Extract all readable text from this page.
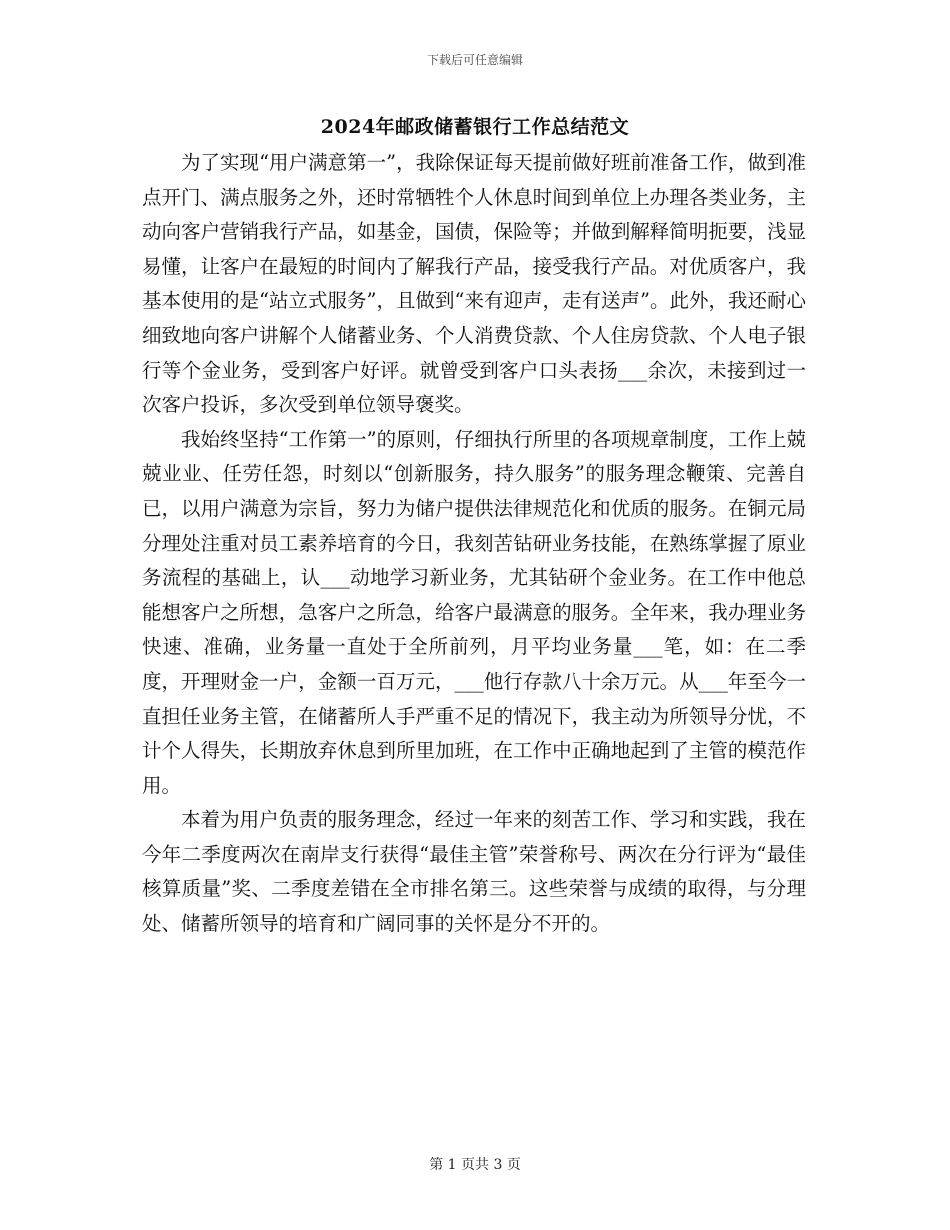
下载后可任意编辑
2024年邮政储蓄银行工作总结范文

为了实现“用户满意第一”，我除保证每天提前做好班前准备工作，做到准点开门、满点服务之外，还时常牺牲个人休息时间到单位上办理各类业务，主动向客户营销我行产品，如基金，国债，保险等；并做到解释简明扼要，浅显易懂，让客户在最短的时间内了解我行产品，接受我行产品。对优质客户，我基本使用的是“站立式服务”，且做到“来有迎声，走有送声”。此外，我还耐心细致地向客户讲解个人储蓄业务、个人消费贷款、个人住房贷款、个人电子银行等个金业务，受到客户好评。就曾受到客户口头表扬___余次，未接到过一次客户投诉，多次受到单位领导褒奖。

我始终坚持“工作第一”的原则，仔细执行所里的各项规章制度，工作上兢兢业业、任劳任怨，时刻以“创新服务，持久服务”的服务理念鞭策、完善自已，以用户满意为宗旨，努力为储户提供法律规范化和优质的服务。在铜元局分理处注重对员工素养培育的今日，我刻苦钻研业务技能，在熟练掌握了原业务流程的基础上，认___动地学习新业务，尤其钻研个金业务。在工作中他总能想客户之所想，急客户之所急，给客户最满意的服务。全年来，我办理业务快速、准确，业务量一直处于全所前列，月平均业务量___笔，如：在二季度，开理财金一户，金额一百万元，___他行存款八十余万元。从___年至今一直担任业务主管，在储蓄所人手严重不足的情况下，我主动为所领导分忧，不计个人得失，长期放弃休息到所里加班，在工作中正确地起到了主管的模范作用。

本着为用户负责的服务理念，经过一年来的刻苦工作、学习和实践，我在今年二季度两次在南岸支行获得“最佳主管”荣誉称号、两次在分行评为“最佳核算质量”奖、二季度差错在全市排名第三。这些荣誉与成绩的取得，与分理处、储蓄所领导的培育和广阔同事的关怀是分不开的。

第 1 页共 3 页
